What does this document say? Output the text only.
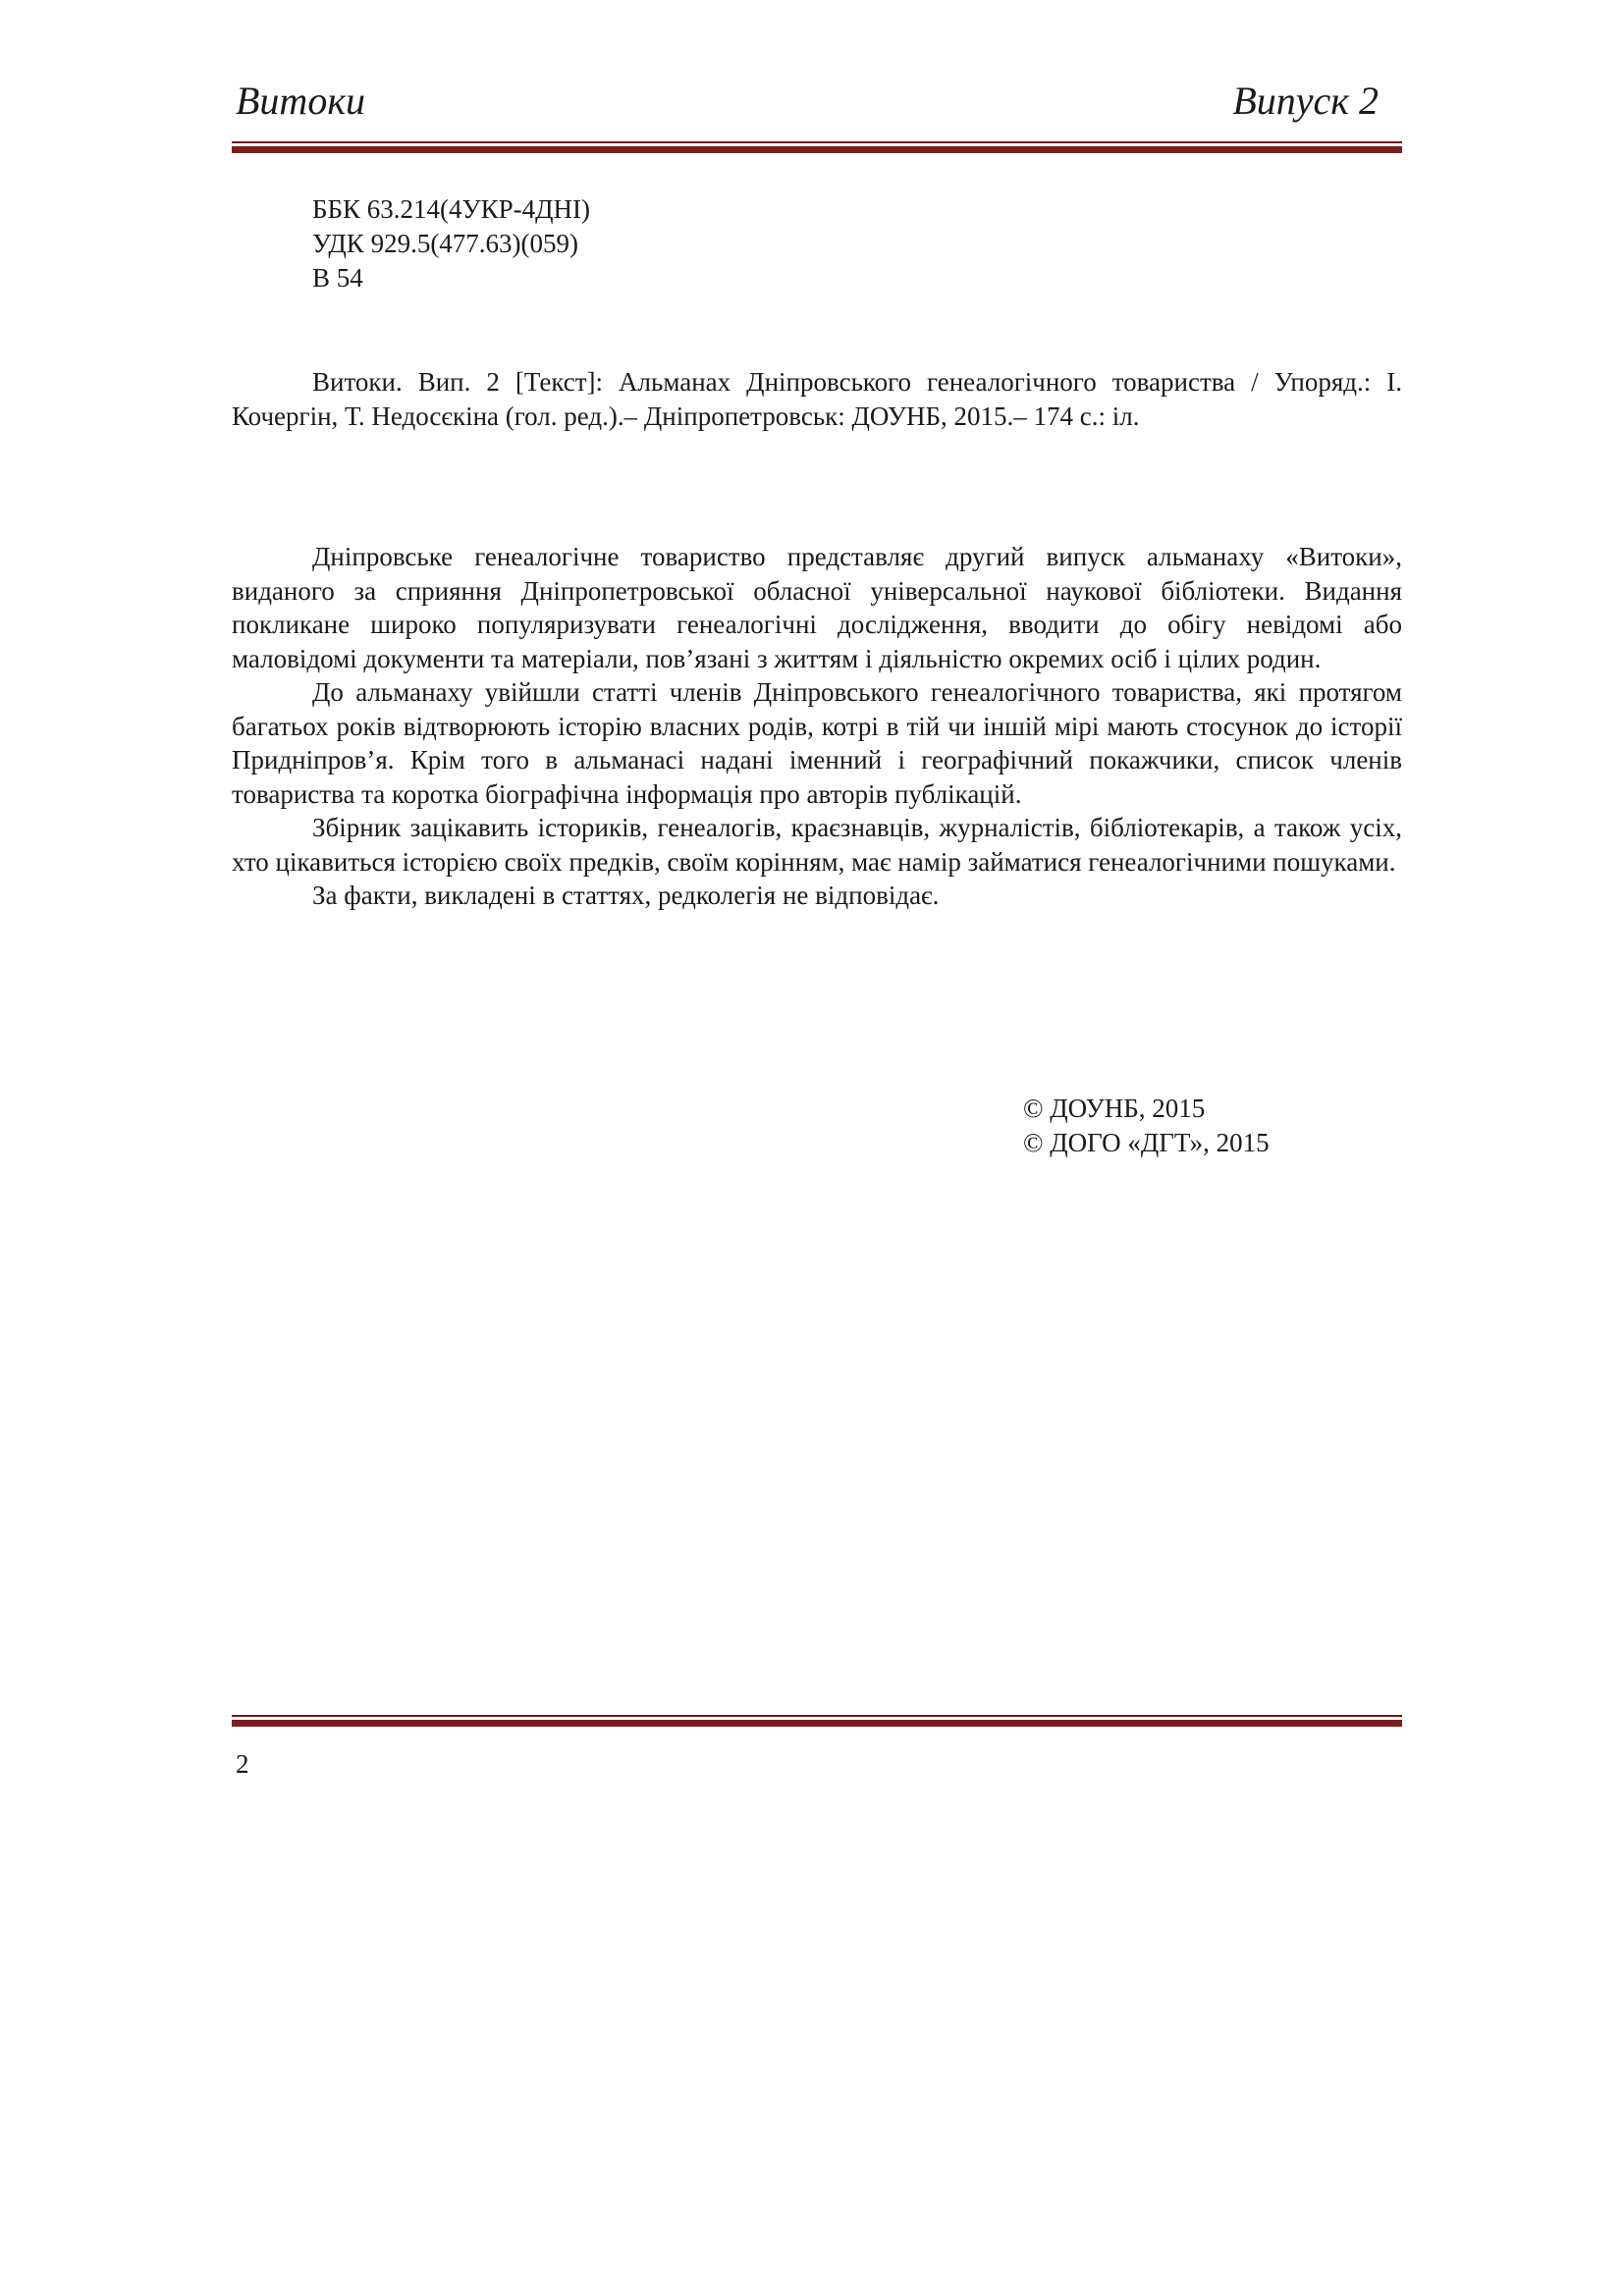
Витоки	Випуск 2
ББК 63.214(4УКР-4ДНІ)
УДК 929.5(477.63)(059)
В 54

Витоки. Вип. 2 [Текст]: Альманах Дніпровського генеалогічного товариства / Упоряд.: І. Кочергін, Т. Недосєкіна (гол. ред.).– Дніпропетровськ: ДОУНБ, 2015.– 174 с.: іл.

Дніпровське генеалогічне товариство представляє другий випуск альманаху «Витоки», виданого за сприяння Дніпропетровської обласної універсальної наукової бібліотеки. Видання покликане широко популяризувати генеалогічні дослідження, вводити до обігу невідомі або маловідомі документи та матеріали, пов’язані з життям і діяльністю окремих осіб і цілих родин.

До альманаху увійшли статті членів Дніпровського генеалогічного товариства, які протягом багатьох років відтворюють історію власних родів, котрі в тій чи іншій мірі мають стосунок до історії Придніпров’я. Крім того в альманасі надані іменний і географічний покажчики, список членів товариства та коротка біографічна інформація про авторів публікацій.

Збірник зацікавить істориків, генеалогів, краєзнавців, журналістів, бібліотекарів, а також усіх, хто цікавиться історією своїх предків, своїм корінням, має намір займатися генеалогічними пошуками.

За факти, викладені в статтях, редколегія не відповідає.

© ДОУНБ, 2015
© ДОГО «ДГТ», 2015
2
